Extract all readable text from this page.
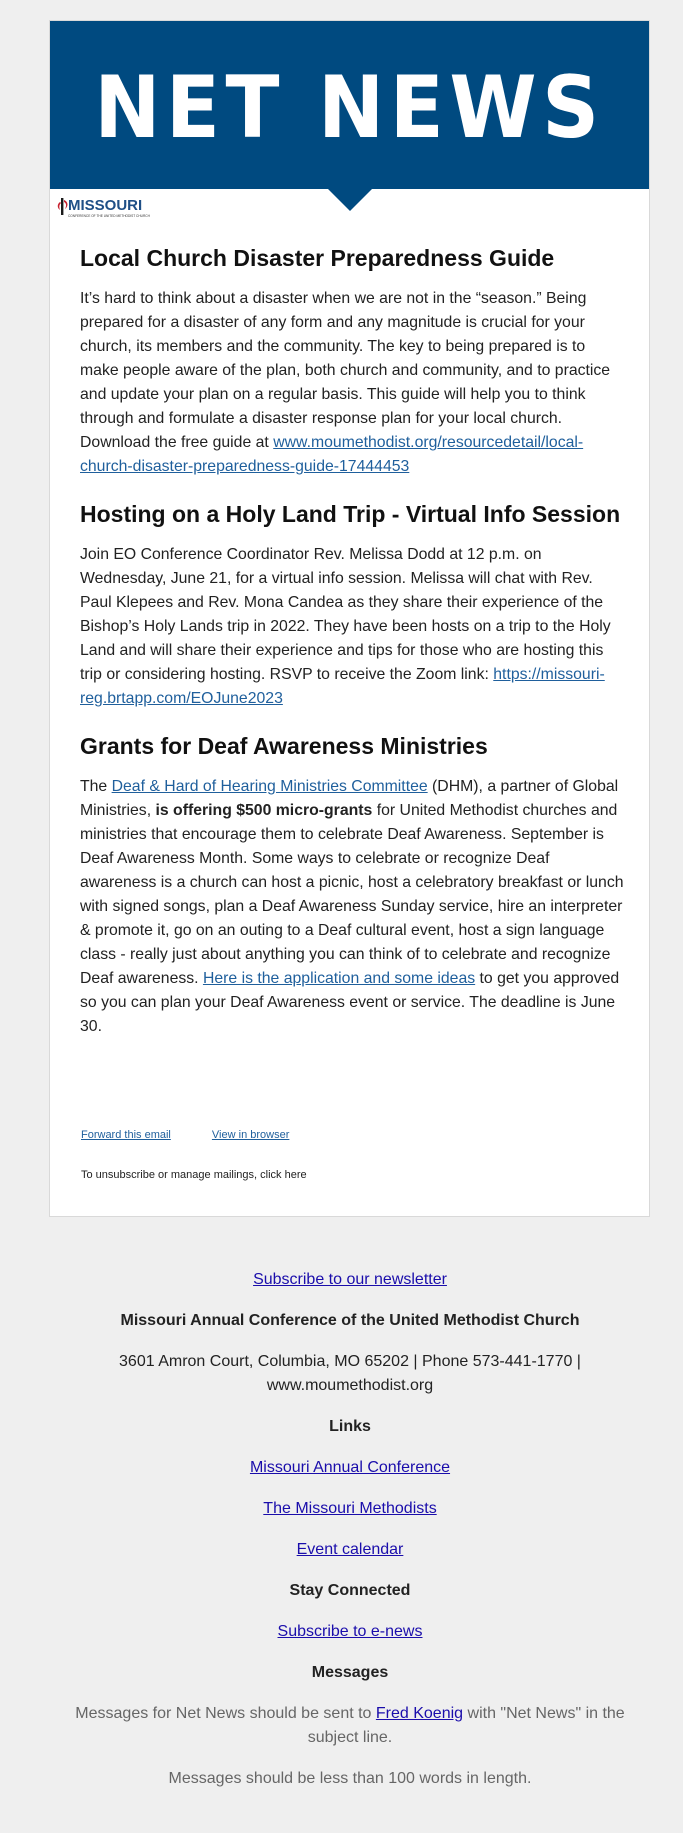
NET NEWS
MISSOURI
CONFERENCE OF THE UNITED METHODIST CHURCH
Local Church Disaster Preparedness Guide

It’s hard to think about a disaster when we are not in the “season.” Being prepared for a disaster of any form and any magnitude is crucial for your church, its members and the community. The key to being prepared is to make people aware of the plan, both church and community, and to practice and update your plan on a regular basis. This guide will help you to think through and formulate a disaster response plan for your local church. Download the free guide at www.moumethodist.org/resourcedetail/local-church-disaster-preparedness-guide-17444453

Hosting on a Holy Land Trip - Virtual Info Session

Join EO Conference Coordinator Rev. Melissa Dodd at 12 p.m. on Wednesday, June 21, for a virtual info session. Melissa will chat with Rev. Paul Klepees and Rev. Mona Candea as they share their experience of the Bishop’s Holy Lands trip in 2022. They have been hosts on a trip to the Holy Land and will share their experience and tips for those who are hosting this trip or considering hosting. RSVP to receive the Zoom link: https://missouri-reg.brtapp.com/EOJune2023

Grants for Deaf Awareness Ministries

The Deaf & Hard of Hearing Ministries Committee (DHM), a partner of Global Ministries, is offering $500 micro-grants for United Methodist churches and ministries that encourage them to celebrate Deaf Awareness. September is Deaf Awareness Month. Some ways to celebrate or recognize Deaf awareness is a church can host a picnic, host a celebratory breakfast or lunch with signed songs, plan a Deaf Awareness Sunday service, hire an interpreter & promote it, go on an outing to a Deaf cultural event, host a sign language class - really just about anything you can think of to celebrate and recognize Deaf awareness. Here is the application and some ideas to get you approved so you can plan your Deaf Awareness event or service. The deadline is June 30.

Forward this email	View in browser
To unsubscribe or manage mailings, click here
Subscribe to our newsletter
Missouri Annual Conference of the United Methodist Church
3601 Amron Court, Columbia, MO 65202 | Phone 573-441-1770 | www.moumethodist.org
Links
Missouri Annual Conference
The Missouri Methodists
Event calendar
Stay Connected
Subscribe to e-news
Messages
Messages for Net News should be sent to Fred Koenig with "Net News" in the subject line.
Messages should be less than 100 words in length.
